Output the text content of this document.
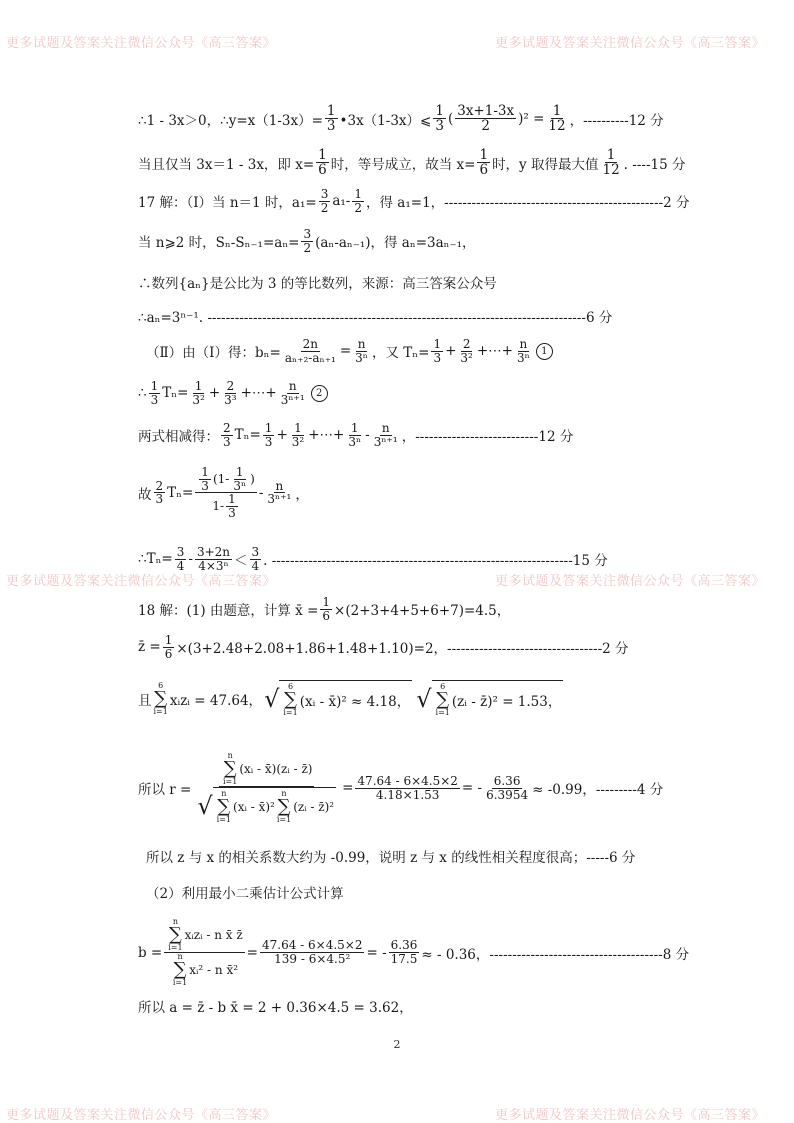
更多试题及答案关注微信公众号《高三答案》	更多试题及答案关注微信公众号《高三答案》
更多试题及答案关注微信公众号《高三答案》	更多试题及答案关注微信公众号《高三答案》
更多试题及答案关注微信公众号《高三答案》	更多试题及答案关注微信公众号《高三答案》
∴1 - 3x＞0，∴y=x（1-3x）= $\frac{1}{3}$ •3x（1-3x）⩽ $\frac{1}{3}$ ( $\frac{3x+1-3x}{2} )^2 = \frac{1}{12}$ ，----------12 分
当且仅当 3x＝1 - 3x，即 $x= \frac{1}{6}$ 时，等号成立，故当 $x= \frac{1}{6}$ 时，y 取得最大值 $\frac{1}{12}$ . ----15 分
17 解：（Ⅰ）当 n＝1 时，$a_1= \frac{3}{2} a_1- \frac{1}{2}$ ，得 a₁=1，------------------------------------------------2 分
当 n⩾2 时，$S_n-S_{n-1}=a_n= \frac{3}{2} (a_n-a_{n-1})$，得 aₙ=3aₙ₋₁，
∴数列{aₙ}是公比为 3 的等比数列，来源：高三答案公众号
∴aₙ=3ⁿ⁻¹. -----------------------------------------------------------------------------------6 分
（Ⅱ）由（Ⅰ）得：$b_n= \frac{2n}{\text{aₙ₊₂-aₙ₊₁}} = \frac{n}{\text{3ⁿ}}$ ，又 $T_n= \frac{1}{3} + \frac{2}{\text{3²}}$ +⋯+ $\frac{n}{\text{3ⁿ}} 1$
∴ $\frac{1}{3} T_n= \frac{1}{\text{3²}} + \frac{2}{\text{3³}}$ +⋯+ $\frac{n}{\text{3ⁿ⁺¹}} 2$
两式相减得： $\frac{2}{3} T_n= \frac{1}{3} + \frac{1}{\text{3²}}$ +⋯+ $\frac{1}{\text{3ⁿ}} - \frac{n}{\text{3ⁿ⁺¹}}$ ，---------------------------12 分
故 $\frac{2}{3} T_n= \frac{\frac{1}{3} (1- \frac{1}{\text{3ⁿ}} )}{1- \frac{1}{3}} - \frac{n}{\text{3ⁿ⁺¹}}$ ，
∴Tₙ= $\frac{3}{4} - \frac{3+2n}{\text{4×3ⁿ}} < \frac{3}{4}$ . ------------------------------------------------------------------15 分
18 解：(1) 由题意，计算 x̄ = $\frac{1}{6} \times(2+3+4+5+6+7)=4.5$，
z̄ = $\frac{1}{6} \times(3+2.48+2.08+1.86+1.48+1.10)=2$，----------------------------------2 分
且
6
∑
i=1
xᵢzᵢ = 47.64， √ 6
∑
i=1
(xᵢ - x̄)² ≈ 4.18， √ 6
∑
i=1
(zᵢ - z̄)² = 1.53，
所以 r =
n
∑
i=1
(xᵢ - x̄)(zᵢ - z̄)
√ n
∑
i=1
(xᵢ - x̄)²
n
∑
i=1
(zᵢ - z̄)²
= $\frac{47.64 - 6\times 4.5\times 2}{4.18\times 1.53}$ = - $\frac{6.36}{6.3954} \approx -0.99$，---------4 分
所以 z 与 x 的相关系数大约为 -0.99，说明 z 与 x 的线性相关程度很高；-----6 分
（2）利用最小二乘估计公式计算
b = n
∑
i=1
xᵢzᵢ - n x̄ z̄
n
∑
i=1
xᵢ² - n x̄² = $\frac{47.64 - 6\times 4.5\times 2}{\text{139 - 6×4.5²}}$ = - $\frac{6.36}{17.5}$ ≈ - 0.36，--------------------------------------8 分
所以 a = z̄ - b x̄ = 2 + 0.36×4.5 = 3.62，
2
